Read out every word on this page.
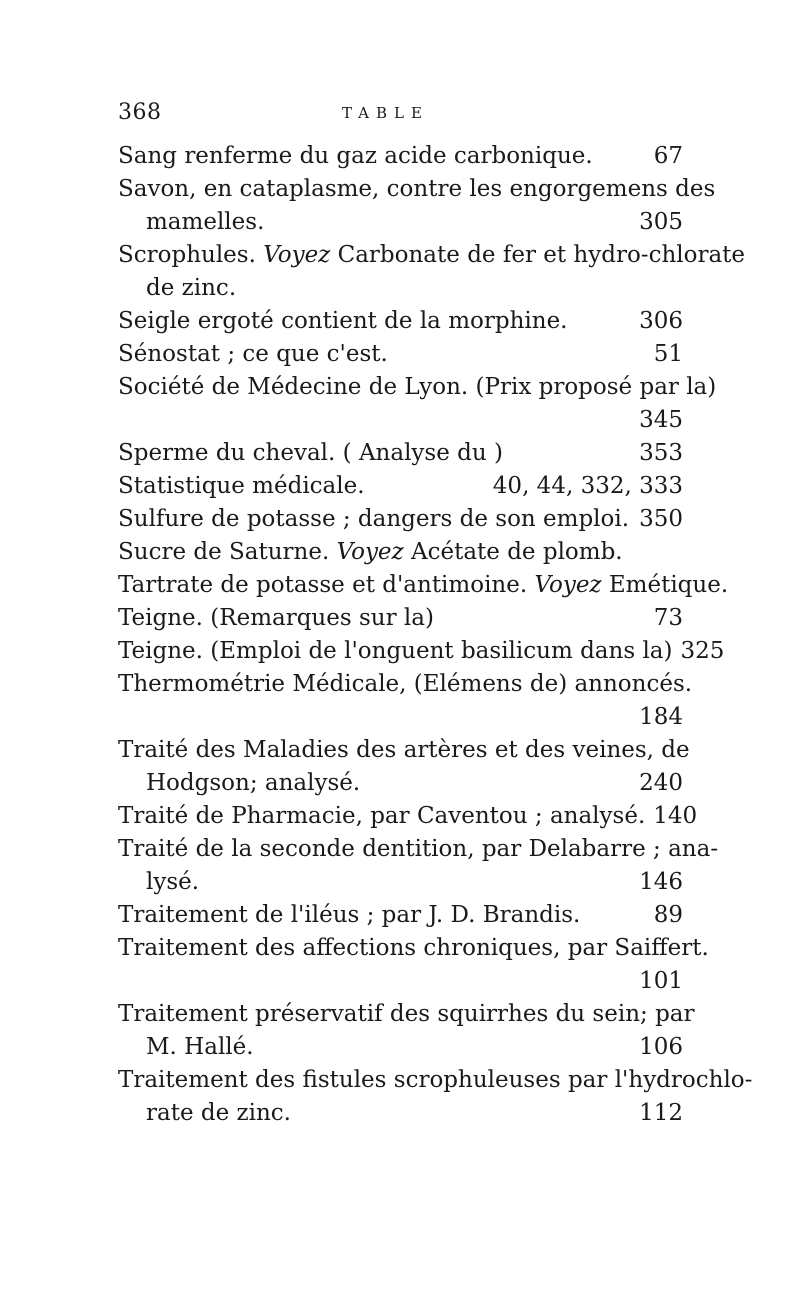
368	TABLE
Sang renferme du gaz acide carbonique.	67
Savon, en cataplasme, contre les engorgemens des
mamelles.	305
Scrophules. Voyez Carbonate de fer et hydro-chlorate
de zinc.
Seigle ergoté contient de la morphine.	306
Sénostat ; ce que c'est.	51
Société de Médecine de Lyon. (Prix proposé par la)
345
Sperme du cheval. ( Analyse du )	353
Statistique médicale.	40, 44, 332, 333
Sulfure de potasse ; dangers de son emploi. 350
Sucre de Saturne. Voyez Acétate de plomb.
Tartrate de potasse et d'antimoine. Voyez Emétique.
Teigne. (Remarques sur la)	73
Teigne. (Emploi de l'onguent basilicum dans la) 325
Thermométrie Médicale, (Elémens de) annoncés.
184
Traité des Maladies des artères et des veines, de
Hodgson; analysé.	240
Traité de Pharmacie, par Caventou ; analysé. 140
Traité de la seconde dentition, par Delabarre ; ana-
lysé.	146
Traitement de l'iléus ; par J. D. Brandis.	89
Traitement des affections chroniques, par Saiffert.
101
Traitement préservatif des squirrhes du sein; par
M. Hallé.	106
Traitement des fistules scrophuleuses par l'hydrochlo-
rate de zinc.	112
